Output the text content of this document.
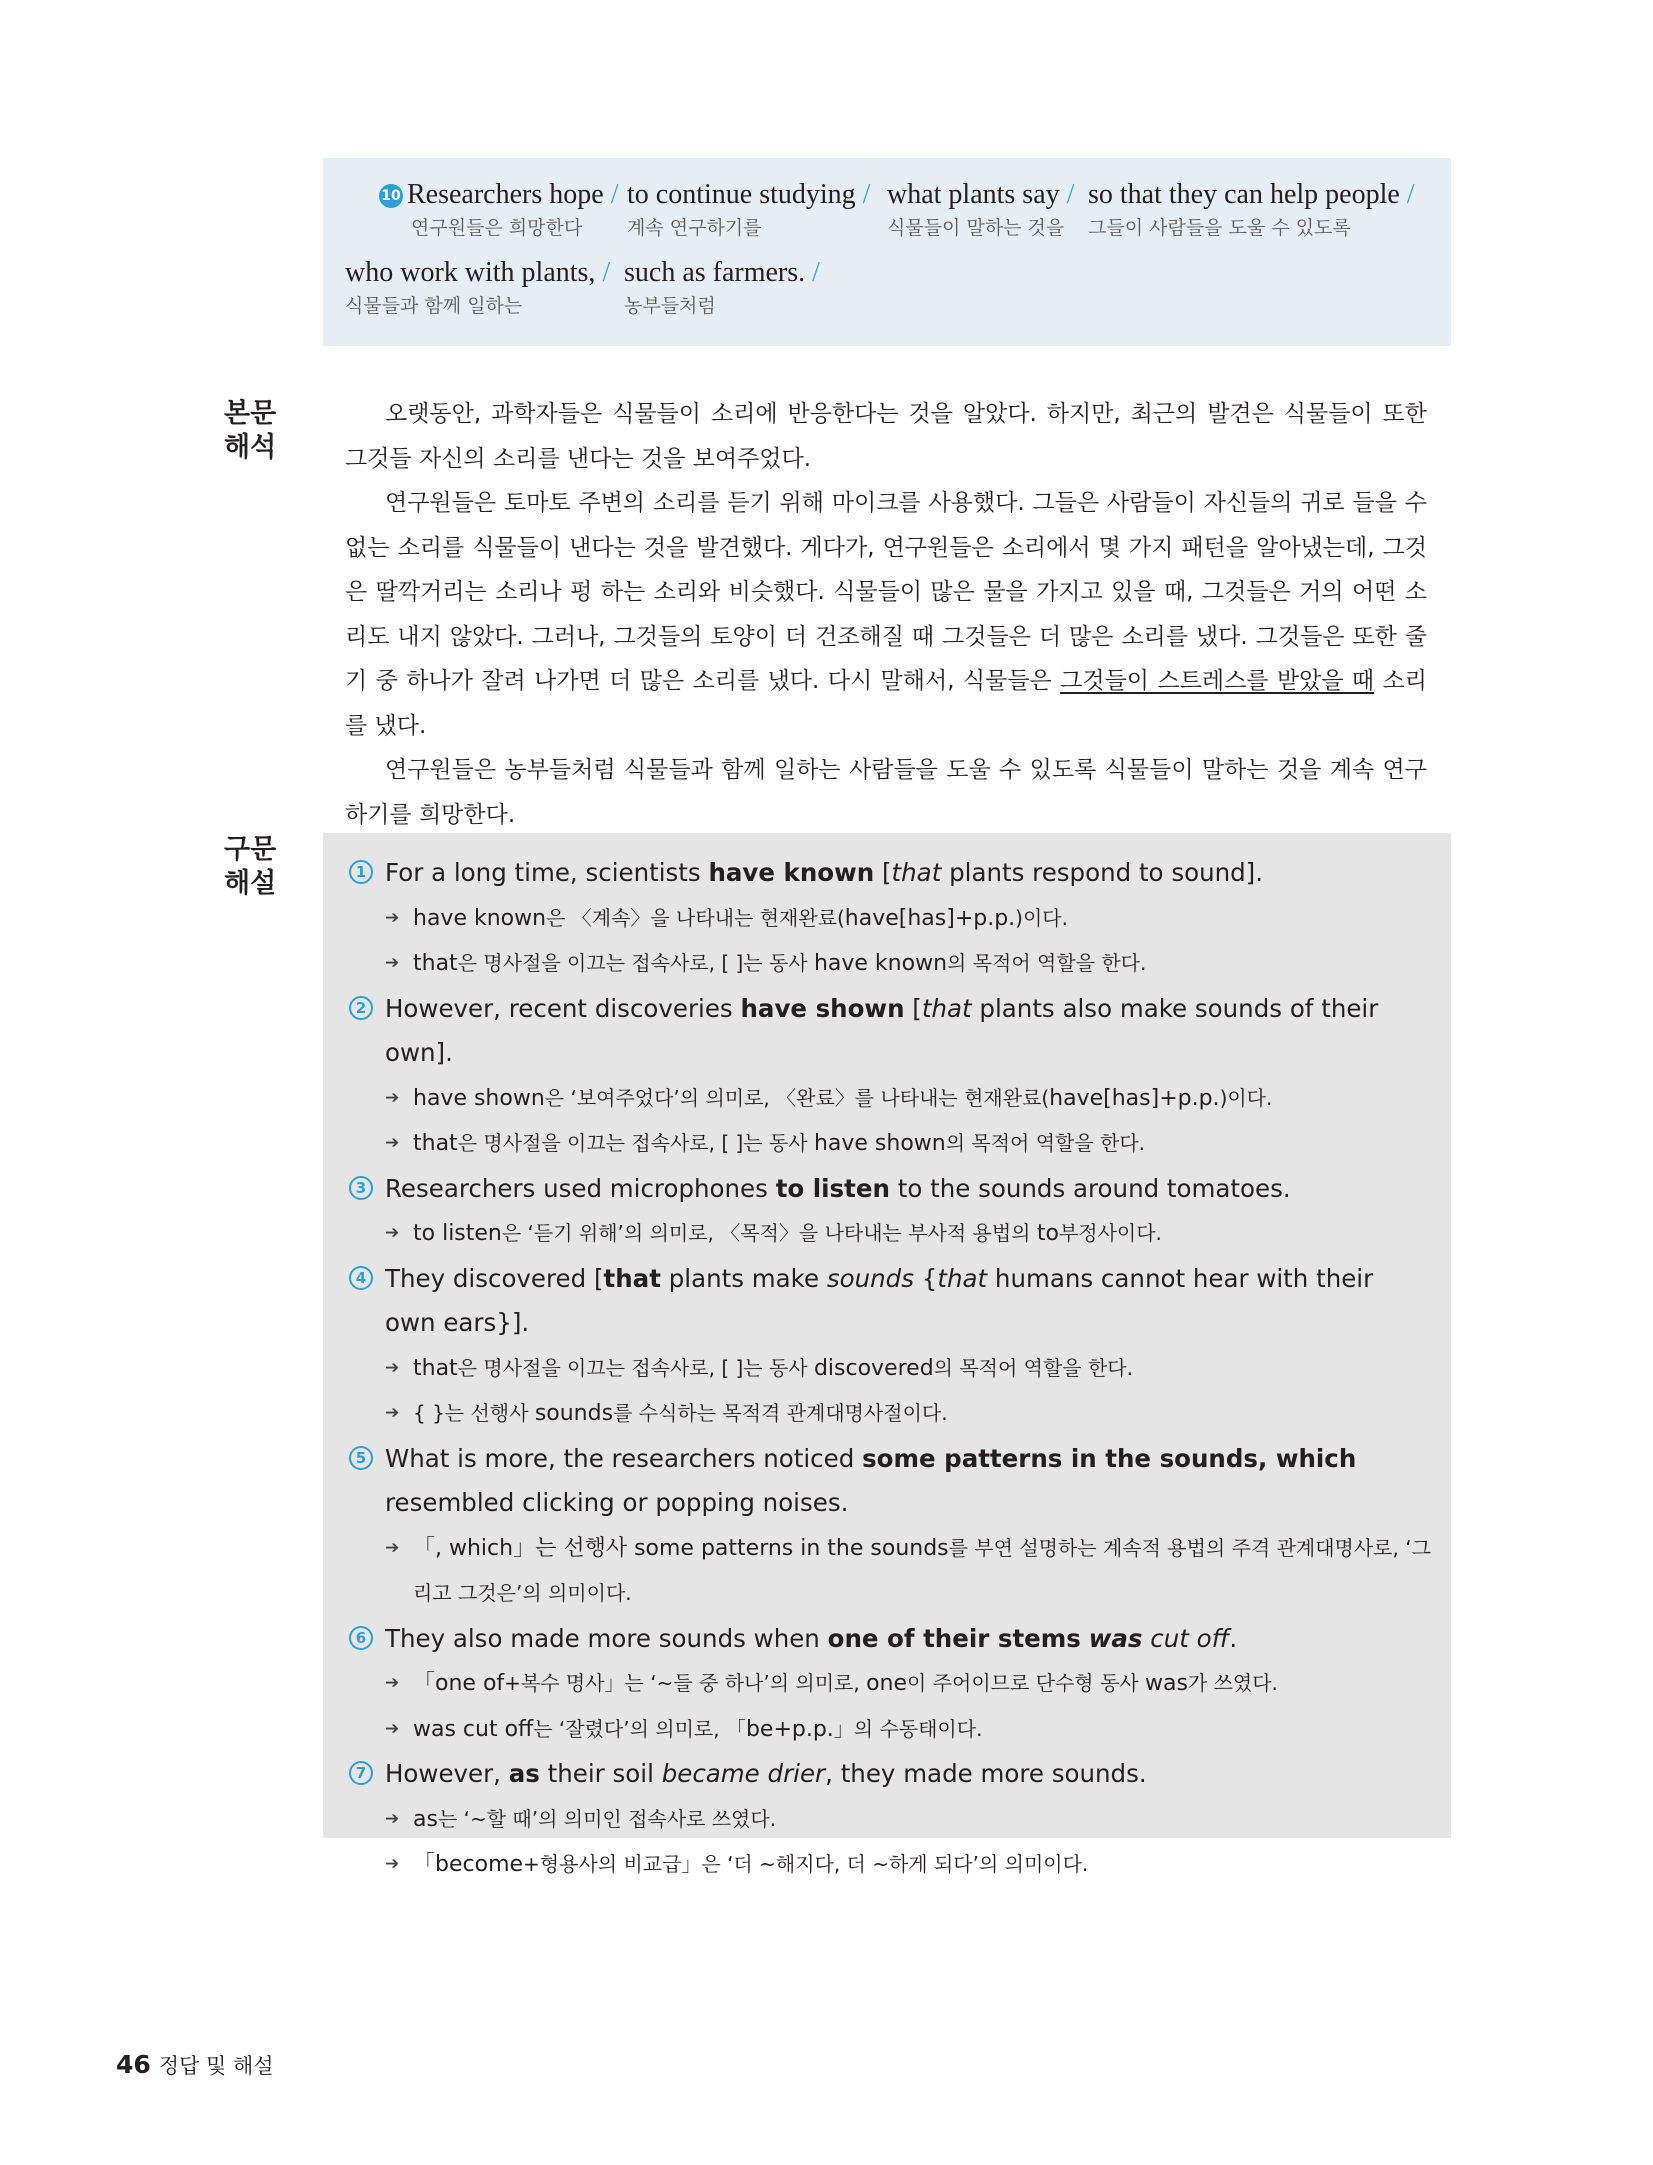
10 Researchers hope /
연구원들은 희망한다
to continue studying /
계속 연구하기를
what plants say /
식물들이 말하는 것을
so that they can help people /
그들이 사람들을 도울 수 있도록
who work with plants, /
식물들과 함께 일하는
such as farmers. /
농부들처럼
본문
해석
구문
해설

오랫동안, 과학자들은 식물들이 소리에 반응한다는 것을 알았다. 하지만, 최근의 발견은 식물들이 또한 그것들 자신의 소리를 낸다는 것을 보여주었다.

연구원들은 토마토 주변의 소리를 듣기 위해 마이크를 사용했다. 그들은 사람들이 자신들의 귀로 들을 수 없는 소리를 식물들이 낸다는 것을 발견했다. 게다가, 연구원들은 소리에서 몇 가지 패턴을 알아냈는데, 그것은 딸깍거리는 소리나 펑 하는 소리와 비슷했다. 식물들이 많은 물을 가지고 있을 때, 그것들은 거의 어떤 소리도 내지 않았다. 그러나, 그것들의 토양이 더 건조해질 때 그것들은 더 많은 소리를 냈다. 그것들은 또한 줄기 중 하나가 잘려 나가면 더 많은 소리를 냈다. 다시 말해서, 식물들은 그것들이 스트레스를 받았을 때 소리를 냈다.

연구원들은 농부들처럼 식물들과 함께 일하는 사람들을 도울 수 있도록 식물들이 말하는 것을 계속 연구하기를 희망한다.

1 For a long time, scientists have known [that plants respond to sound].
➔ have known은 〈계속〉을 나타내는 현재완료(have[has]+p.p.)이다.
➔ that은 명사절을 이끄는 접속사로, [ ]는 동사 have known의 목적어 역할을 한다.
2 However, recent discoveries have shown [that plants also make sounds of their own].
➔ have shown은 ‘보여주었다’의 의미로, 〈완료〉를 나타내는 현재완료(have[has]+p.p.)이다.
➔ that은 명사절을 이끄는 접속사로, [ ]는 동사 have shown의 목적어 역할을 한다.
3 Researchers used microphones to listen to the sounds around tomatoes.
➔ to listen은 ‘듣기 위해’의 의미로, 〈목적〉을 나타내는 부사적 용법의 to부정사이다.
4 They discovered [that plants make sounds {that humans cannot hear with their own ears}].
➔ that은 명사절을 이끄는 접속사로, [ ]는 동사 discovered의 목적어 역할을 한다.
➔ { }는 선행사 sounds를 수식하는 목적격 관계대명사절이다.
5 What is more, the researchers noticed some patterns in the sounds, which resembled clicking or popping noises.
➔ 「, which」는 선행사 some patterns in the sounds를 부연 설명하는 계속적 용법의 주격 관계대명사로, ‘그리고 그것은’의 의미이다.
6 They also made more sounds when one of their stems was cut off.
➔ 「one of+복수 명사」는 ‘~들 중 하나’의 의미로, one이 주어이므로 단수형 동사 was가 쓰였다.
➔ was cut off는 ‘잘렸다’의 의미로, 「be+p.p.」의 수동태이다.
7 However, as their soil became drier, they made more sounds.
➔ as는 ‘~할 때’의 의미인 접속사로 쓰였다.
➔ 「become+형용사의 비교급」은 ‘더 ~해지다, 더 ~하게 되다’의 의미이다.
46 정답 및 해설
